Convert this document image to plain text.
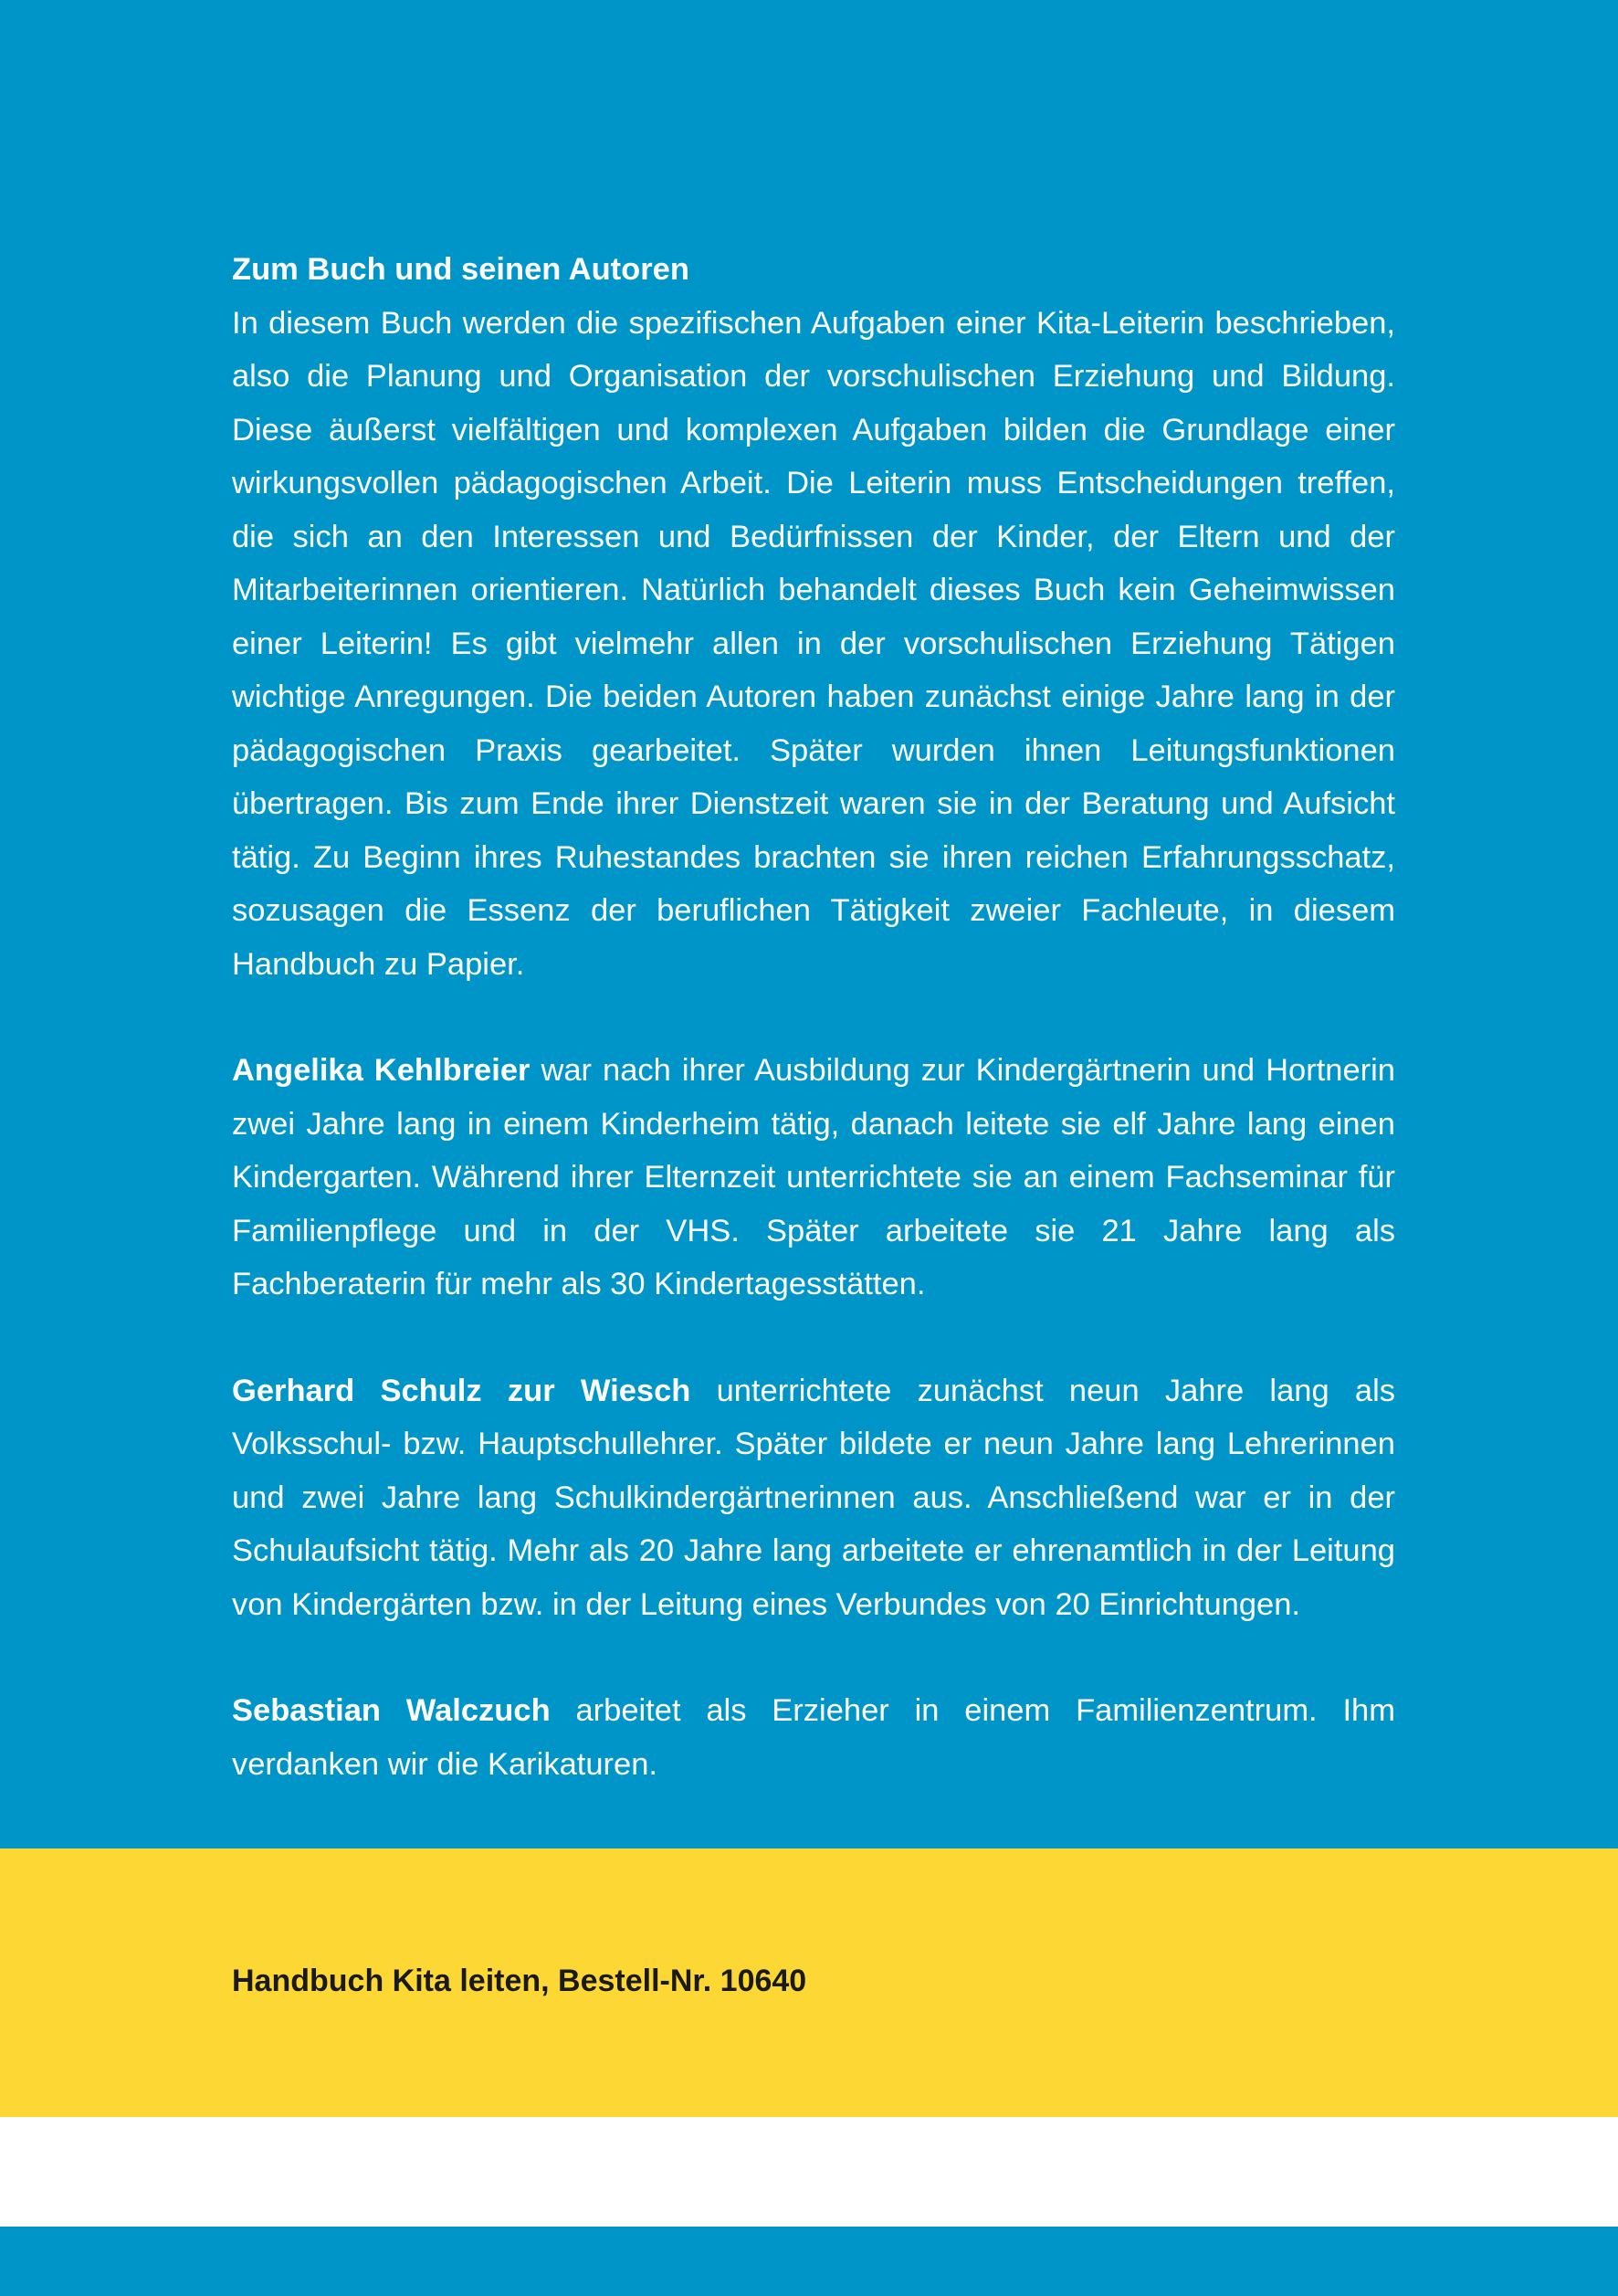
Zum Buch und seinen Autoren

In diesem Buch werden die spezifischen Aufgaben einer Kita-Leiterin beschrieben, also die Planung und Organisation der vorschulischen Erziehung und Bildung. Diese äußerst vielfältigen und komplexen Aufgaben bilden die Grundlage einer wirkungsvollen pädagogischen Arbeit. Die Leiterin muss Entscheidungen treffen, die sich an den Interessen und Bedürfnissen der Kinder, der Eltern und der Mitarbeiterinnen orientieren. Natürlich behandelt dieses Buch kein Geheimwissen einer Leiterin! Es gibt vielmehr allen in der vorschulischen Erziehung Tätigen wichtige Anregungen. Die beiden Autoren haben zunächst einige Jahre lang in der pädagogischen Praxis gearbeitet. Später wurden ihnen Leitungsfunktionen übertragen. Bis zum Ende ihrer Dienstzeit waren sie in der Beratung und Aufsicht tätig. Zu Beginn ihres Ruhestandes brachten sie ihren reichen Erfahrungsschatz, sozusagen die Essenz der beruflichen Tätigkeit zweier Fachleute, in diesem Handbuch zu Papier.

Angelika Kehlbreier war nach ihrer Ausbildung zur Kindergärtnerin und Hortnerin zwei Jahre lang in einem Kinderheim tätig, danach leitete sie elf Jahre lang einen Kindergarten. Während ihrer Elternzeit unterrichtete sie an einem Fachseminar für Familienpflege und in der VHS. Später arbeitete sie 21 Jahre lang als Fachberaterin für mehr als 30 Kindertagesstätten.

Gerhard Schulz zur Wiesch unterrichtete zunächst neun Jahre lang als Volksschul- bzw. Hauptschullehrer. Später bildete er neun Jahre lang Lehrerinnen und zwei Jahre lang Schulkindergärtnerinnen aus. Anschließend war er in der Schulaufsicht tätig. Mehr als 20 Jahre lang arbeitete er ehrenamtlich in der Leitung von Kindergärten bzw. in der Leitung eines Verbundes von 20 Einrichtungen.

Sebastian Walczuch arbeitet als Erzieher in einem Familienzentrum. Ihm verdanken wir die Karikaturen.

Handbuch Kita leiten, Bestell-Nr. 10640
